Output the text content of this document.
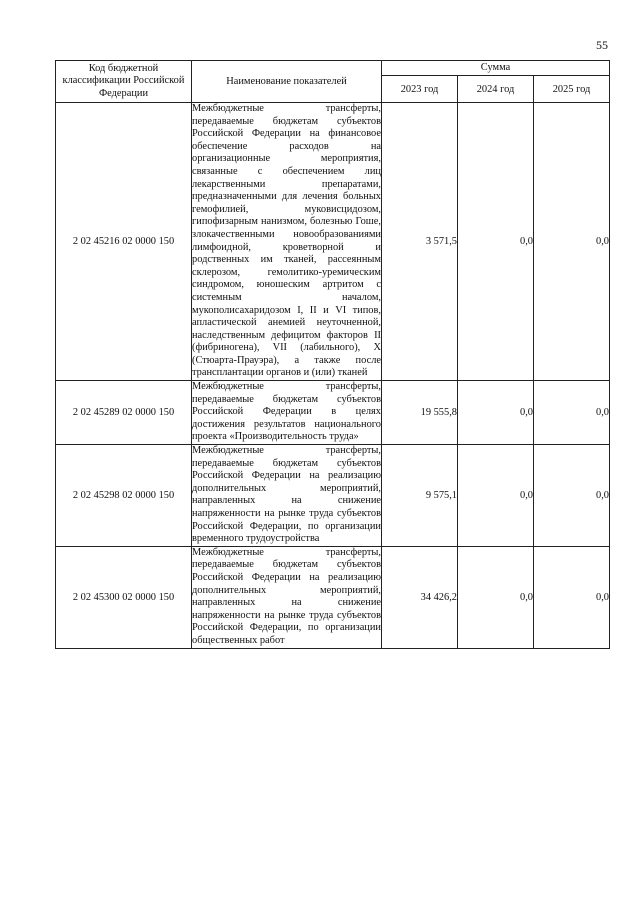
55
Код бюджетной классификации Российской Федерации	Наименование показателей	Сумма		
		2023 год	2024 год	2025 год
2 02 45216 02 0000 150	Межбюджетные трансферты, передаваемые бюджетам субъектов Российской Федерации на финансовое обеспечение расходов на организационные мероприятия, связанные с обеспечением лиц лекарственными препаратами, предназначенными для лечения больных гемофилией, муковисцидозом, гипофизарным нанизмом, болезнью Гоше, злокачественными новообразованиями лимфоидной, кроветворной и родственных им тканей, рассеянным склерозом, гемолитико-уремическим синдромом, юношеским артритом с системным началом, мукополисахаридозом I, II и VI типов, апластической анемией неуточненной, наследственным дефицитом факторов II (фибриногена), VII (лабильного), X (Стюарта-Прауэра), а также после трансплантации органов и (или) тканей	3 571,5	0,0	0,0
2 02 45289 02 0000 150	Межбюджетные трансферты, передаваемые бюджетам субъектов Российской Федерации в целях достижения результатов национального проекта «Производительность труда»	19 555,8	0,0	0,0
2 02 45298 02 0000 150	Межбюджетные трансферты, передаваемые бюджетам субъектов Российской Федерации на реализацию дополнительных мероприятий, направленных на снижение напряженности на рынке труда субъектов Российской Федерации, по организации временного трудоустройства	9 575,1	0,0	0,0
2 02 45300 02 0000 150	Межбюджетные трансферты, передаваемые бюджетам субъектов Российской Федерации на реализацию дополнительных мероприятий, направленных на снижение напряженности на рынке труда субъектов Российской Федерации, по организации общественных работ	34 426,2	0,0	0,0
